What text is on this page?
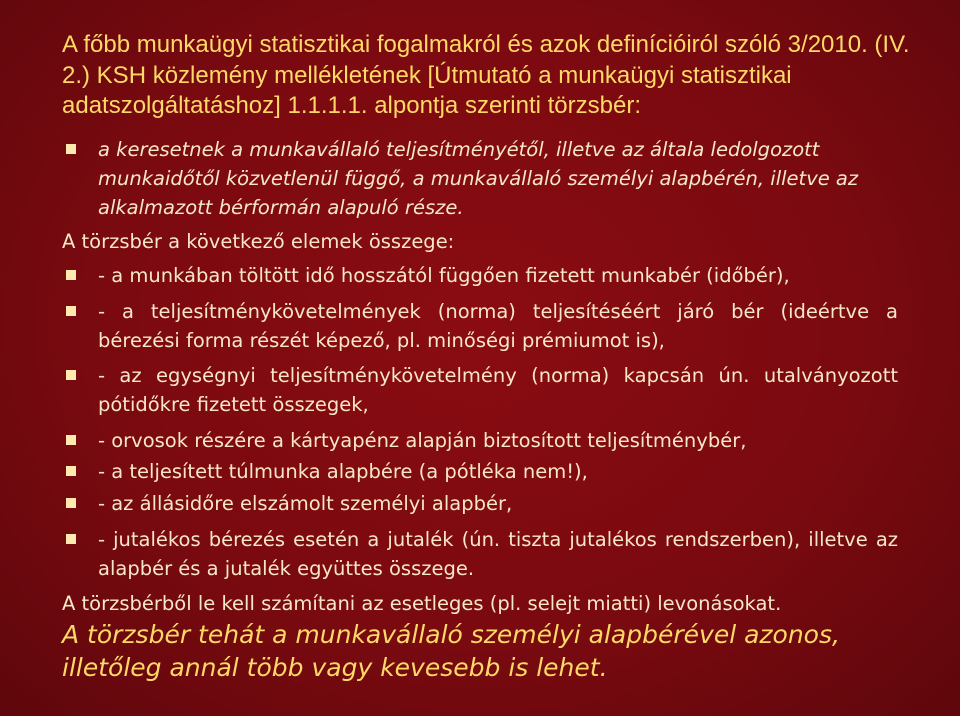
A főbb munkaügyi statisztikai fogalmakról és azok definícióiról szóló 3/2010. (IV. 2.) KSH közlemény mellékletének [Útmutató a munkaügyi statisztikai adatszolgáltatáshoz] 1.1.1.1. alpontja szerinti törzsbér:
a keresetnek a munkavállaló teljesítményétől, illetve az általa ledolgozott munkaidőtől közvetlenül függő, a munkavállaló személyi alapbérén, illetve az alkalmazott bérformán alapuló része.
A törzsbér a következő elemek összege:
- a munkában töltött idő hosszától függően fizetett munkabér (időbér),
- a teljesítménykövetelmények (norma) teljesítéséért járó bér (ideértve a bérezési forma részét képező, pl. minőségi prémiumot is),
- az egységnyi teljesítménykövetelmény (norma) kapcsán ún. utalványozott pótidőkre fizetett összegek,
- orvosok részére a kártyapénz alapján biztosított teljesítménybér,
- a teljesített túlmunka alapbére (a pótléka nem!),
- az állásidőre elszámolt személyi alapbér,
- jutalékos bérezés esetén a jutalék (ún. tiszta jutalékos rendszerben), illetve az alapbér és a jutalék együttes összege.
A törzsbérből le kell számítani az esetleges (pl. selejt miatti) levonásokat.
A törzsbér tehát a munkavállaló személyi alapbérével azonos, illetőleg annál több vagy kevesebb is lehet.
